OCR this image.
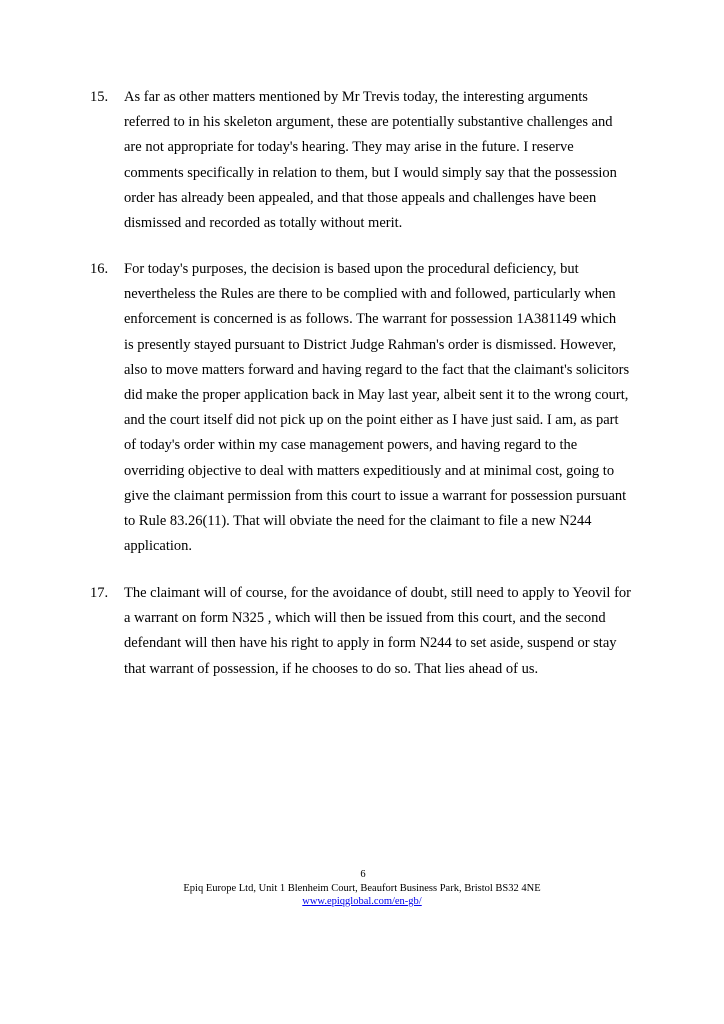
15. As far as other matters mentioned by Mr Trevis today, the interesting arguments
referred to in his skeleton argument, these are potentially substantive challenges and
are not appropriate for today's hearing. They may arise in the future. I reserve
comments specifically in relation to them, but I would simply say that the possession
order has already been appealed, and that those appeals and challenges have been
dismissed and recorded as totally without merit.
16. For today's purposes, the decision is based upon the procedural deficiency, but
nevertheless the Rules are there to be complied with and followed, particularly when
enforcement is concerned is as follows. The warrant for possession 1A381149 which
is presently stayed pursuant to District Judge Rahman's order is dismissed. However,
also to move matters forward and having regard to the fact that the claimant's solicitors
did make the proper application back in May last year, albeit sent it to the wrong court,
and the court itself did not pick up on the point either as I have just said. I am, as part
of today's order within my case management powers, and having regard to the
overriding objective to deal with matters expeditiously and at minimal cost, going to
give the claimant permission from this court to issue a warrant for possession pursuant
to Rule 83.26(11). That will obviate the need for the claimant to file a new N244
application.
17. The claimant will of course, for the avoidance of doubt, still need to apply to Yeovil for
a warrant on form N325 , which will then be issued from this court, and the second
defendant will then have his right to apply in form N244 to set aside, suspend or stay
that warrant of possession, if he chooses to do so. That lies ahead of us.
6
Epiq Europe Ltd, Unit 1 Blenheim Court, Beaufort Business Park, Bristol BS32 4NE
www.epiqglobal.com/en-gb/
